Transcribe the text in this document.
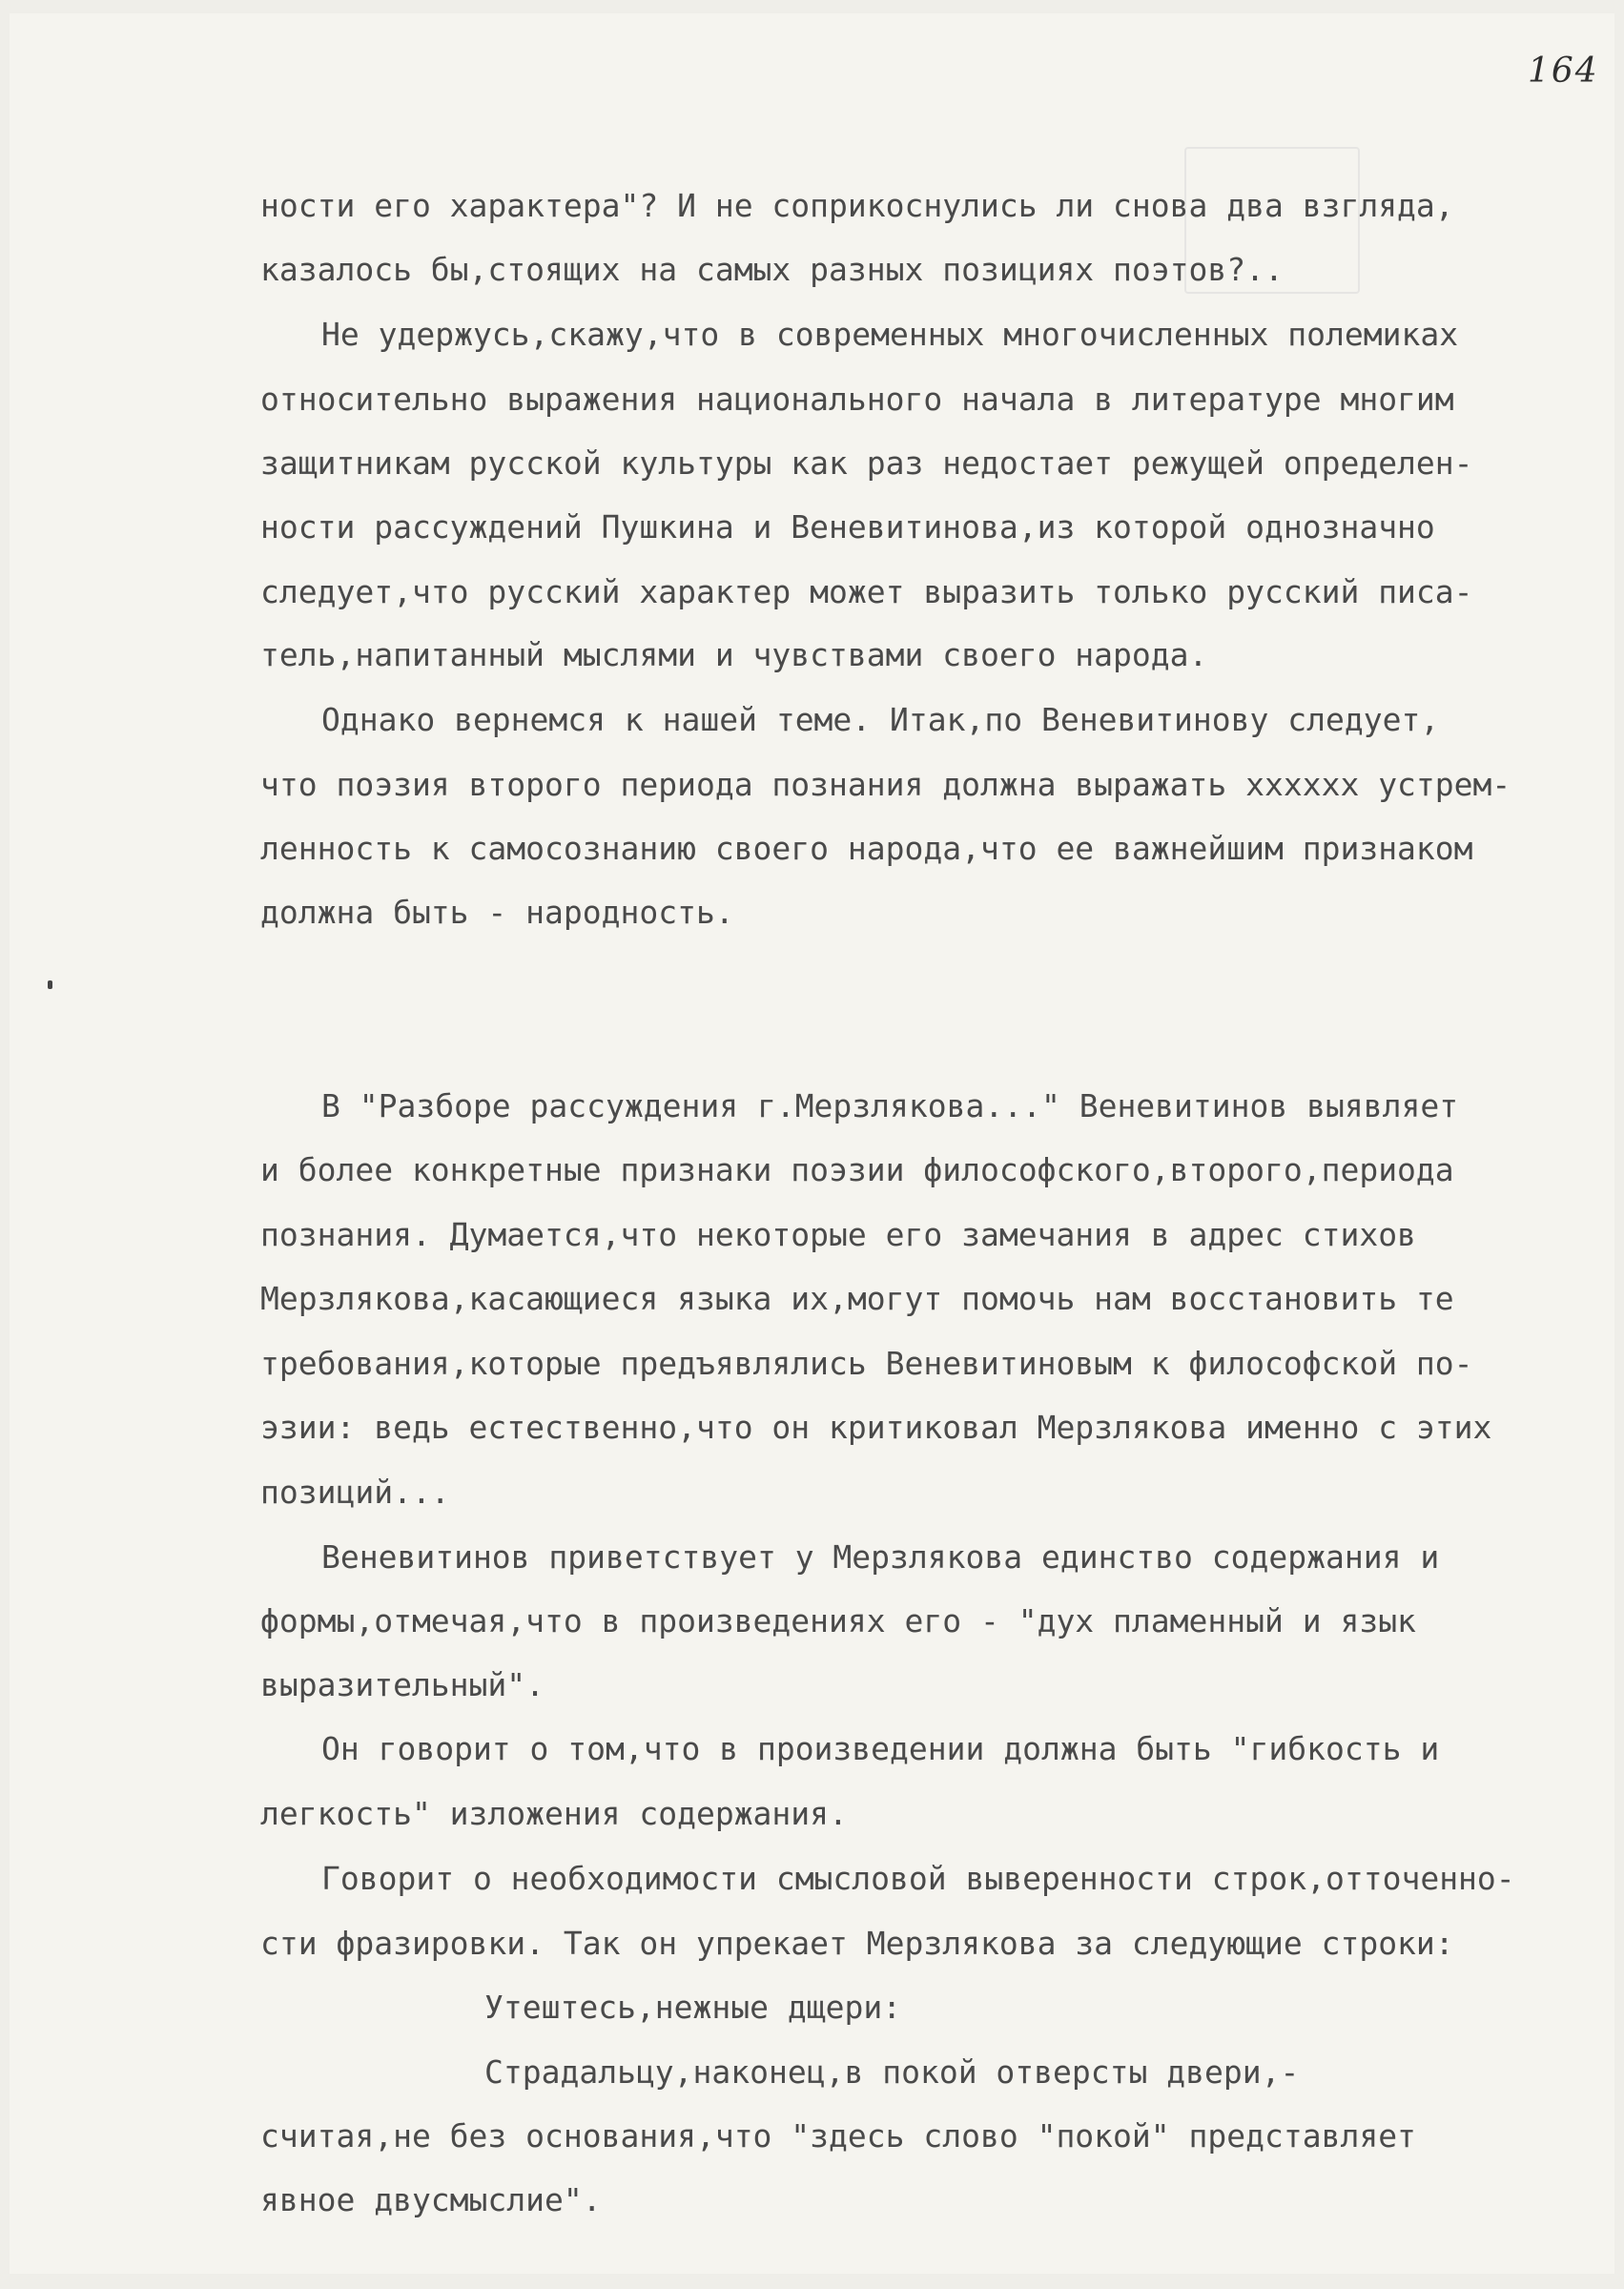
164
ности его характера"? И не соприкоснулись ли снова два взгляда,
казалось бы,стоящих на самых разных позициях поэтов?..
Не удержусь,скажу,что в современных многочисленных полемиках
относительно выражения национального начала в литературе многим
защитникам русской культуры как раз недостает режущей определен-
ности рассуждений Пушкина и Веневитинова,из которой однозначно
следует,что русский характер может выразить только русский писа-
тель,напитанный мыслями и чувствами своего народа.
Однако вернемся к нашей теме. Итак,по Веневитинову следует,
что поэзия второго периода познания должна выражать xxxxxx устрем-
ленность к самосознанию своего народа,что ее важнейшим признаком
должна быть - народность.
В "Разборе рассуждения г.Мерзлякова..." Веневитинов выявляет
и более конкретные признаки поэзии философского,второго,периода
познания. Думается,что некоторые его замечания в адрес стихов
Мерзлякова,касающиеся языка их,могут помочь нам восстановить те
требования,которые предъявлялись Веневитиновым к философской по-
эзии: ведь естественно,что он критиковал Мерзлякова именно с этих
позиций...
Веневитинов приветствует у Мерзлякова единство содержания и
формы,отмечая,что в произведениях его - "дух пламенный и язык
выразительный".
Он говорит о том,что в произведении должна быть "гибкость и
легкость" изложения содержания.
Говорит о необходимости смысловой выверенности строк,отточенно-
сти фразировки. Так он упрекает Мерзлякова за следующие строки:
Утештесь,нежные дщери:
Страдальцу,наконец,в покой отверсты двери,-
считая,не без основания,что "здесь слово "покой" представляет
явное двусмыслие".
